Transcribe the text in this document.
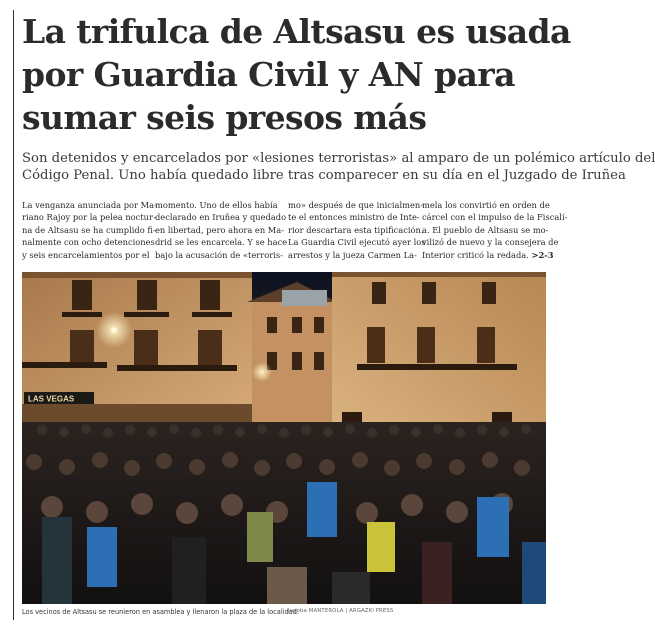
La trifulca de Altsasu es usada
por Guardia Civil y AN para
sumar seis presos más

Son detenidos y encarcelados por «lesiones terroristas» al amparo de un polémico artículo del
Código Penal. Uno había quedado libre tras comparecer en su día en el Juzgado de Iruñea

La venganza anunciada por Ma-
riano Rajoy por la pelea noctur-
na de Altsasu se ha cumplido fi-
nalmente con ocho detenciones
y seis encarcelamientos por el
momento. Uno de ellos había
declarado en Iruñea y quedado
en libertad, pero ahora en Ma-
drid se les encarcela. Y se hace
bajo la acusación de «terroris-
mo» después de que inicialmen-
te el entonces ministro de Inte-
rior descartara esta tipificación.
La Guardia Civil ejecutó ayer los
arrestos y la jueza Carmen La-
mela los convirtió en orden de
cárcel con el impulso de la Fiscalí-
a. El pueblo de Altsasu se mo-
vilizó de nuevo y la consejera de
Interior criticó la redada. >2-3
LAS VEGAS
Los vecinos de Altsasu se reunieron en asamblea y llenaron la plaza de la localidad.
Jagoba MANTEROLA | ARGAZKI PRESS
